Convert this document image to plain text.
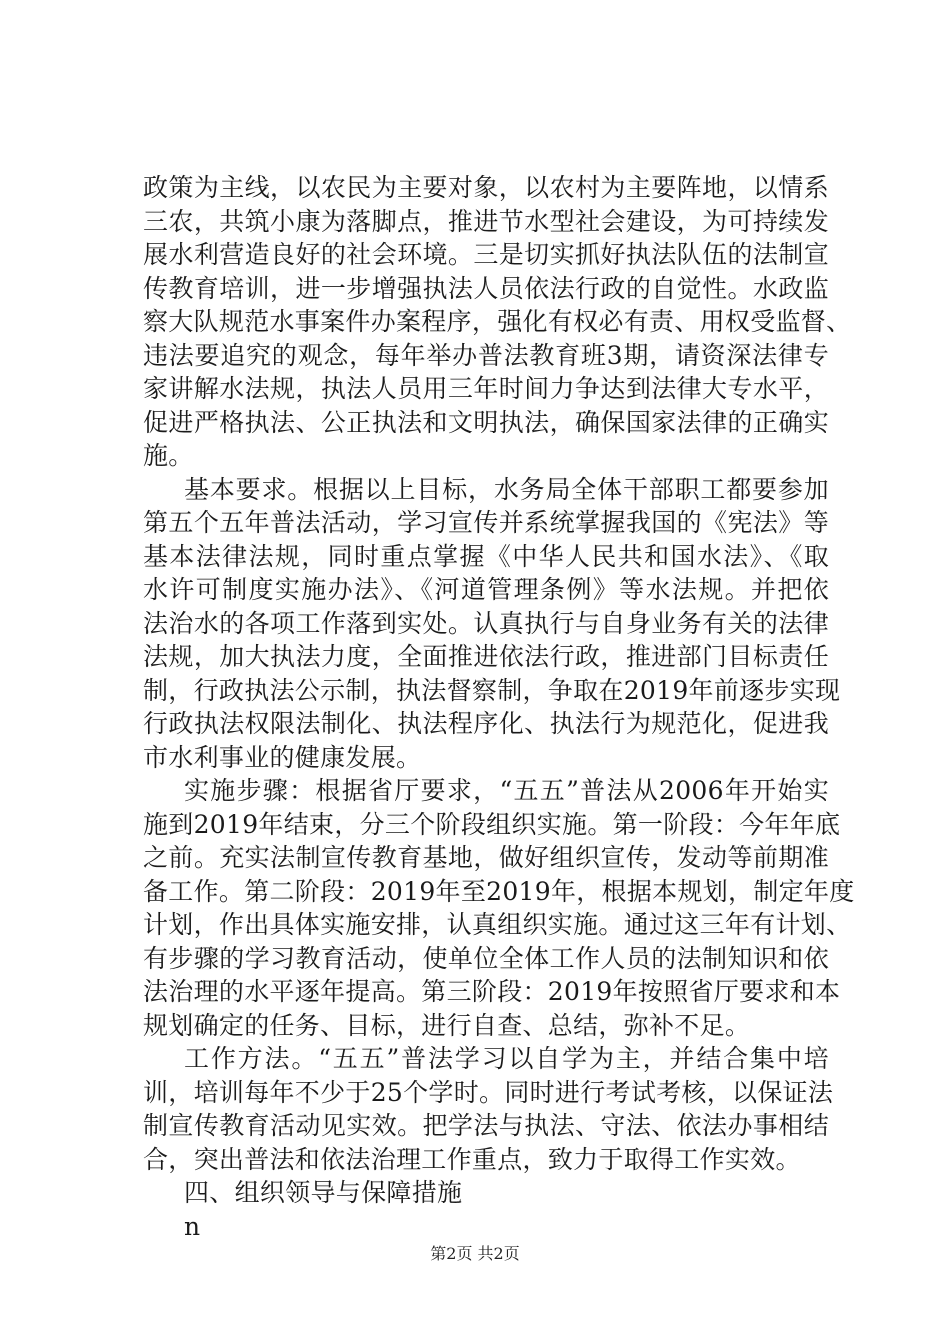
政策为主线，以农民为主要对象，以农村为主要阵地，以情系
三农，共筑小康为落脚点，推进节水型社会建设，为可持续发
展水利营造良好的社会环境。三是切实抓好执法队伍的法制宣
传教育培训，进一步增强执法人员依法行政的自觉性。水政监
察大队规范水事案件办案程序，强化有权必有责、用权受监督、
违法要追究的观念，每年举办普法教育班3期，请资深法律专
家讲解水法规，执法人员用三年时间力争达到法律大专水平，
促进严格执法、公正执法和文明执法，确保国家法律的正确实
施。
基本要求。根据以上目标，水务局全体干部职工都要参加
第五个五年普法活动，学习宣传并系统掌握我国的《宪法》等
基本法律法规，同时重点掌握《中华人民共和国水法》、《取
水许可制度实施办法》、《河道管理条例》等水法规。并把依
法治水的各项工作落到实处。认真执行与自身业务有关的法律
法规，加大执法力度，全面推进依法行政，推进部门目标责任
制，行政执法公示制，执法督察制，争取在2019年前逐步实现
行政执法权限法制化、执法程序化、执法行为规范化，促进我
市水利事业的健康发展。
实施步骤：根据省厅要求，“五五”普法从2006年开始实
施到2019年结束，分三个阶段组织实施。第一阶段：今年年底
之前。充实法制宣传教育基地，做好组织宣传，发动等前期准
备工作。第二阶段：2019年至2019年，根据本规划，制定年度
计划，作出具体实施安排，认真组织实施。通过这三年有计划、
有步骤的学习教育活动，使单位全体工作人员的法制知识和依
法治理的水平逐年提高。第三阶段：2019年按照省厅要求和本
规划确定的任务、目标，进行自查、总结，弥补不足。
工作方法。“五五”普法学习以自学为主，并结合集中培
训，培训每年不少于25个学时。同时进行考试考核，以保证法
制宣传教育活动见实效。把学法与执法、守法、依法办事相结
合，突出普法和依法治理工作重点，致力于取得工作实效。
四、组织领导与保障措施
n
第2页 共2页
